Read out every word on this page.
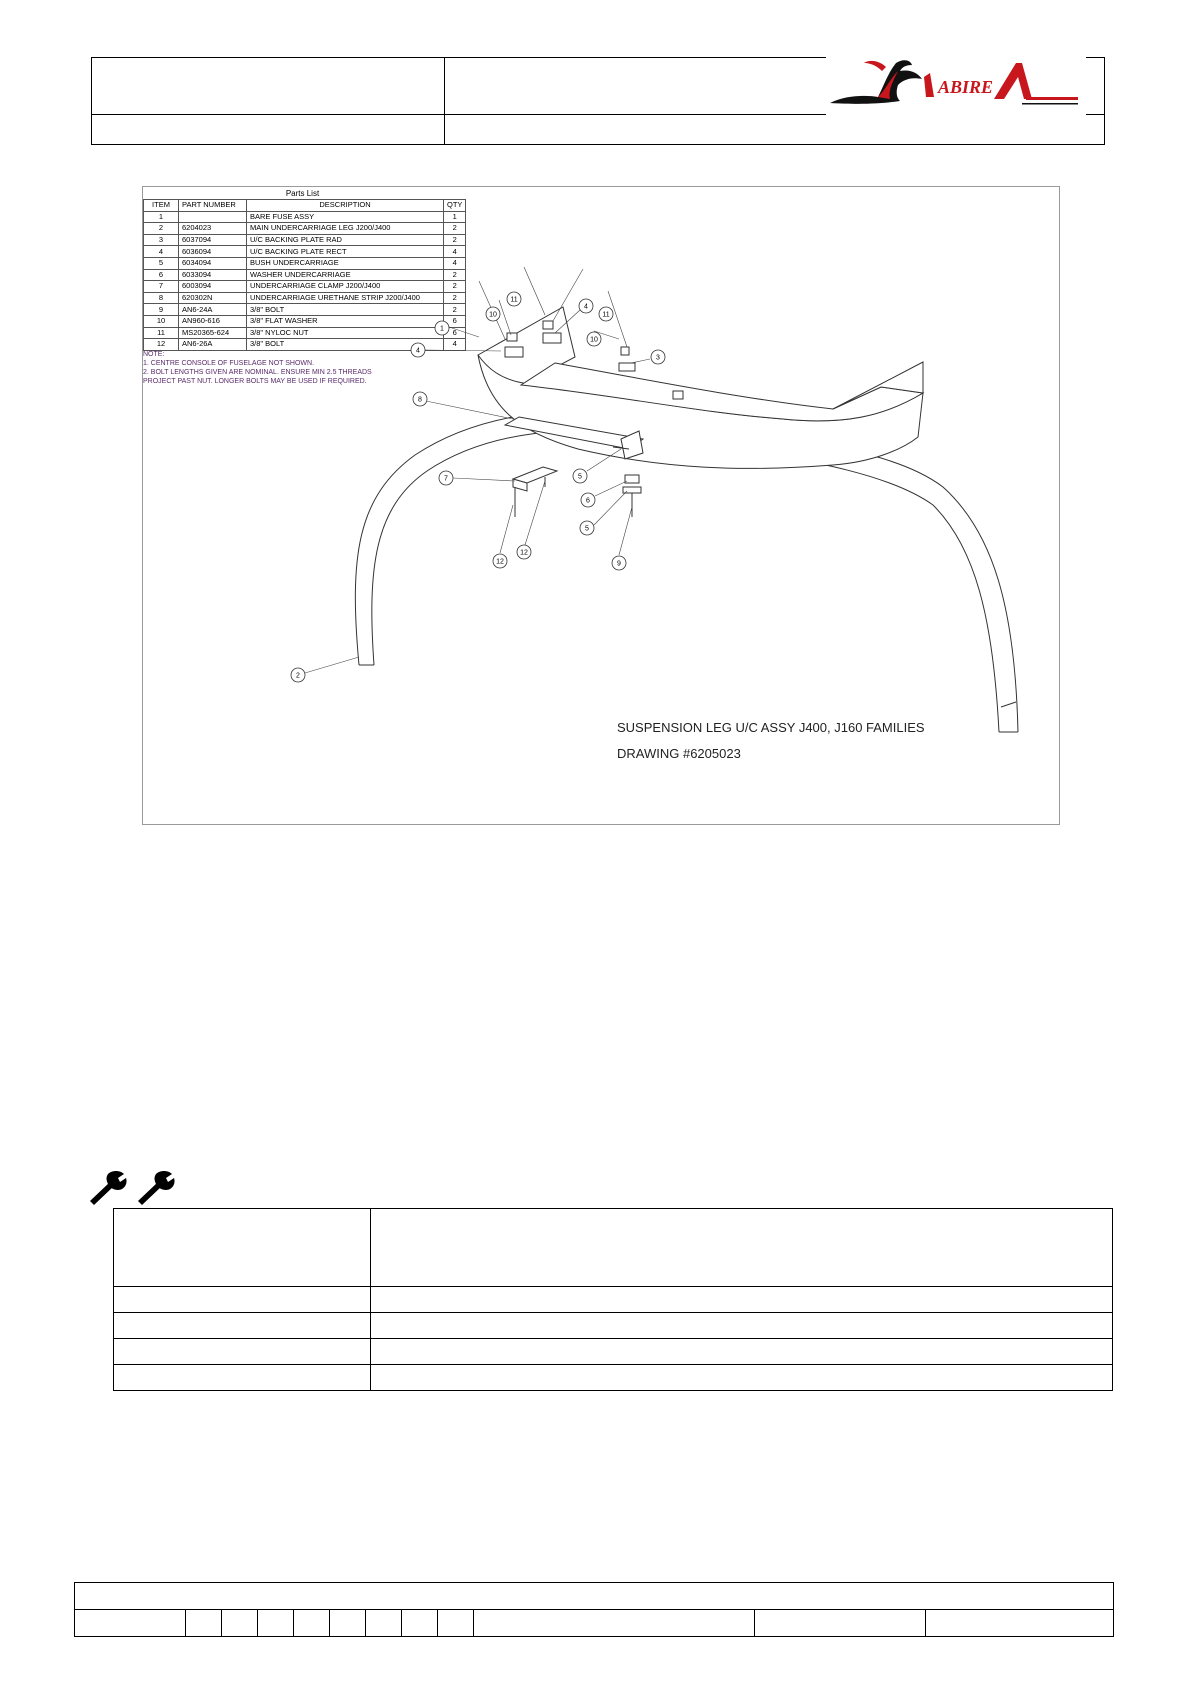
ABIRE
Parts List
ITEM	PART NUMBER	DESCRIPTION	QTY
1		BARE FUSE ASSY	1
2	6204023	MAIN UNDERCARRIAGE LEG J200/J400	2
3	6037094	U/C BACKING PLATE RAD	2
4	6036094	U/C BACKING PLATE RECT	4
5	6034094	BUSH UNDERCARRIAGE	4
6	6033094	WASHER UNDERCARRIAGE	2
7	6003094	UNDERCARRIAGE CLAMP J200/J400	2
8	620302N	UNDERCARRIAGE URETHANE STRIP J200/J400	2
9	AN6-24A	3/8" BOLT	2
10	AN960-616	3/8" FLAT WASHER	6
11	MS20365-624	3/8" NYLOC NUT	6
12	AN6-26A	3/8" BOLT	4
NOTE:
1. CENTRE CONSOLE OF FUSELAGE NOT SHOWN.
2. BOLT LENGTHS GIVEN ARE NOMINAL. ENSURE MIN 2.5 THREADS
PROJECT PAST NUT. LONGER BOLTS MAY BE USED IF REQUIRED.
1
2
3
4
4
5
5
6
7
8
9
10
10
11
11
12
12
SUSPENSION LEG U/C ASSY J400, J160 FAMILIES
DRAWING #6205023
